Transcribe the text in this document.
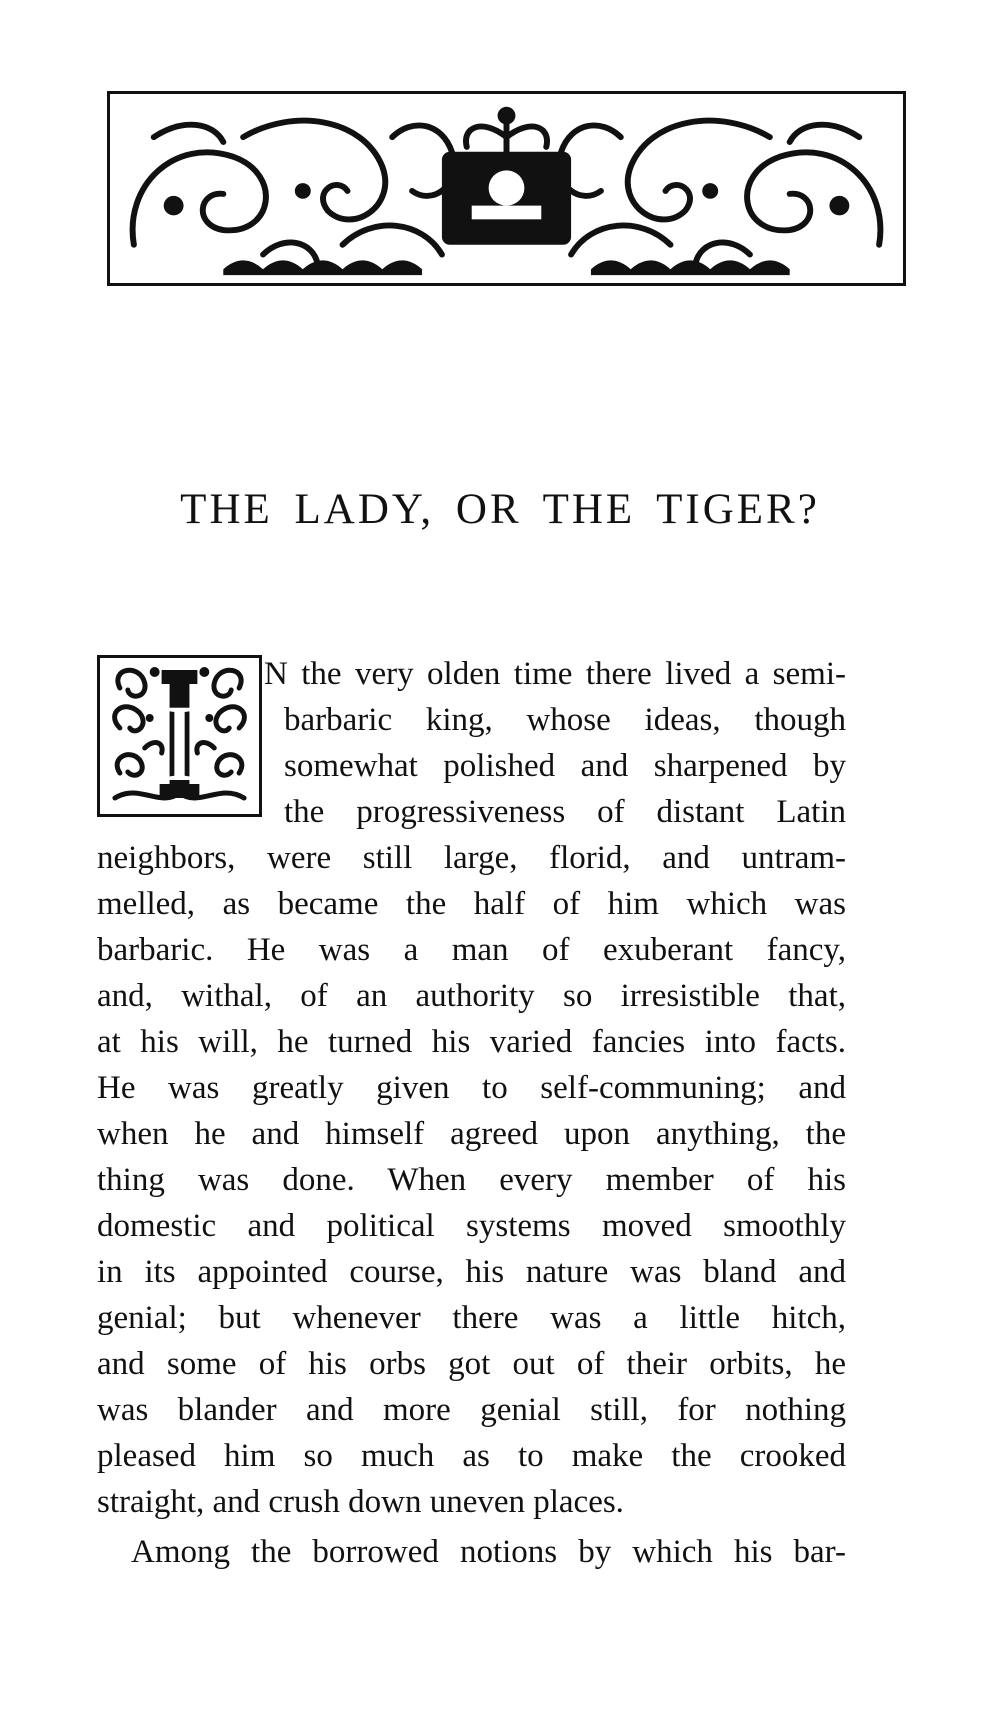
THE LADY, OR THE TIGER?
I
N the very olden time there lived a semi-
barbaric king, whose ideas, though
somewhat polished and sharpened by
the progressiveness of distant Latin
neighbors, were still large, florid, and untram-
melled, as became the half of him which was
barbaric. He was a man of exuberant fancy,
and, withal, of an authority so irresistible that,
at his will, he turned his varied fancies into facts.
He was greatly given to self-communing; and
when he and himself agreed upon anything, the
thing was done. When every member of his
domestic and political systems moved smoothly
in its appointed course, his nature was bland and
genial; but whenever there was a little hitch,
and some of his orbs got out of their orbits, he
was blander and more genial still, for nothing
pleased him so much as to make the crooked
straight, and crush down uneven places.
Among the borrowed notions by which his bar-
